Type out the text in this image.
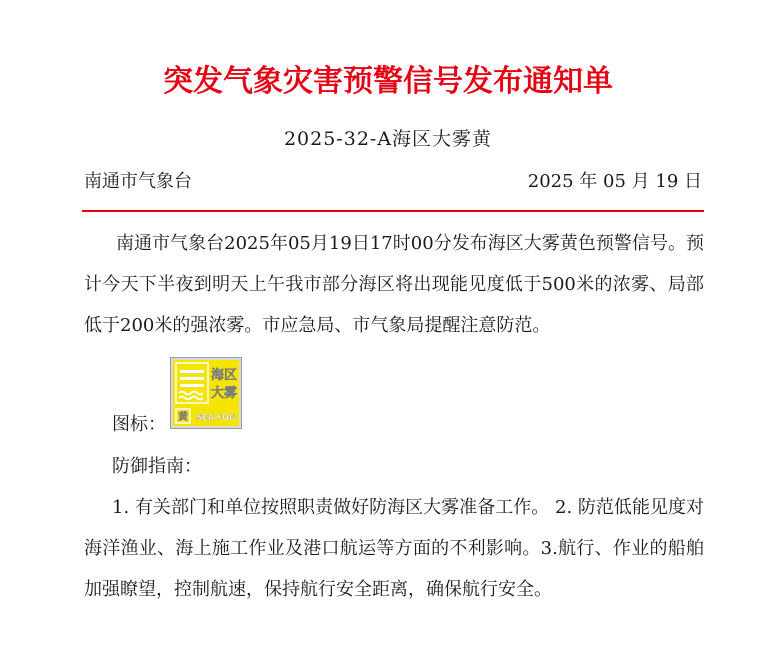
突发气象灾害预警信号发布通知单
2025-32-A海区大雾黄
南通市气象台	2025 年 05 月 19 日
南通市气象台2025年05月19日17时00分发布海区大雾黄色预警信号。预计今天下半夜到明天上午我市部分海区将出现能见度低于500米的浓雾、局部低于200米的强浓雾。市应急局、市气象局提醒注意防范。
图标：
海区
大雾
黄 SEA FOG
防御指南：
1. 有关部门和单位按照职责做好防海区大雾准备工作。 2. 防范低能见度对海洋渔业、海上施工作业及港口航运等方面的不利影响。3.航行、作业的船舶加强瞭望，控制航速，保持航行安全距离，确保航行安全。
